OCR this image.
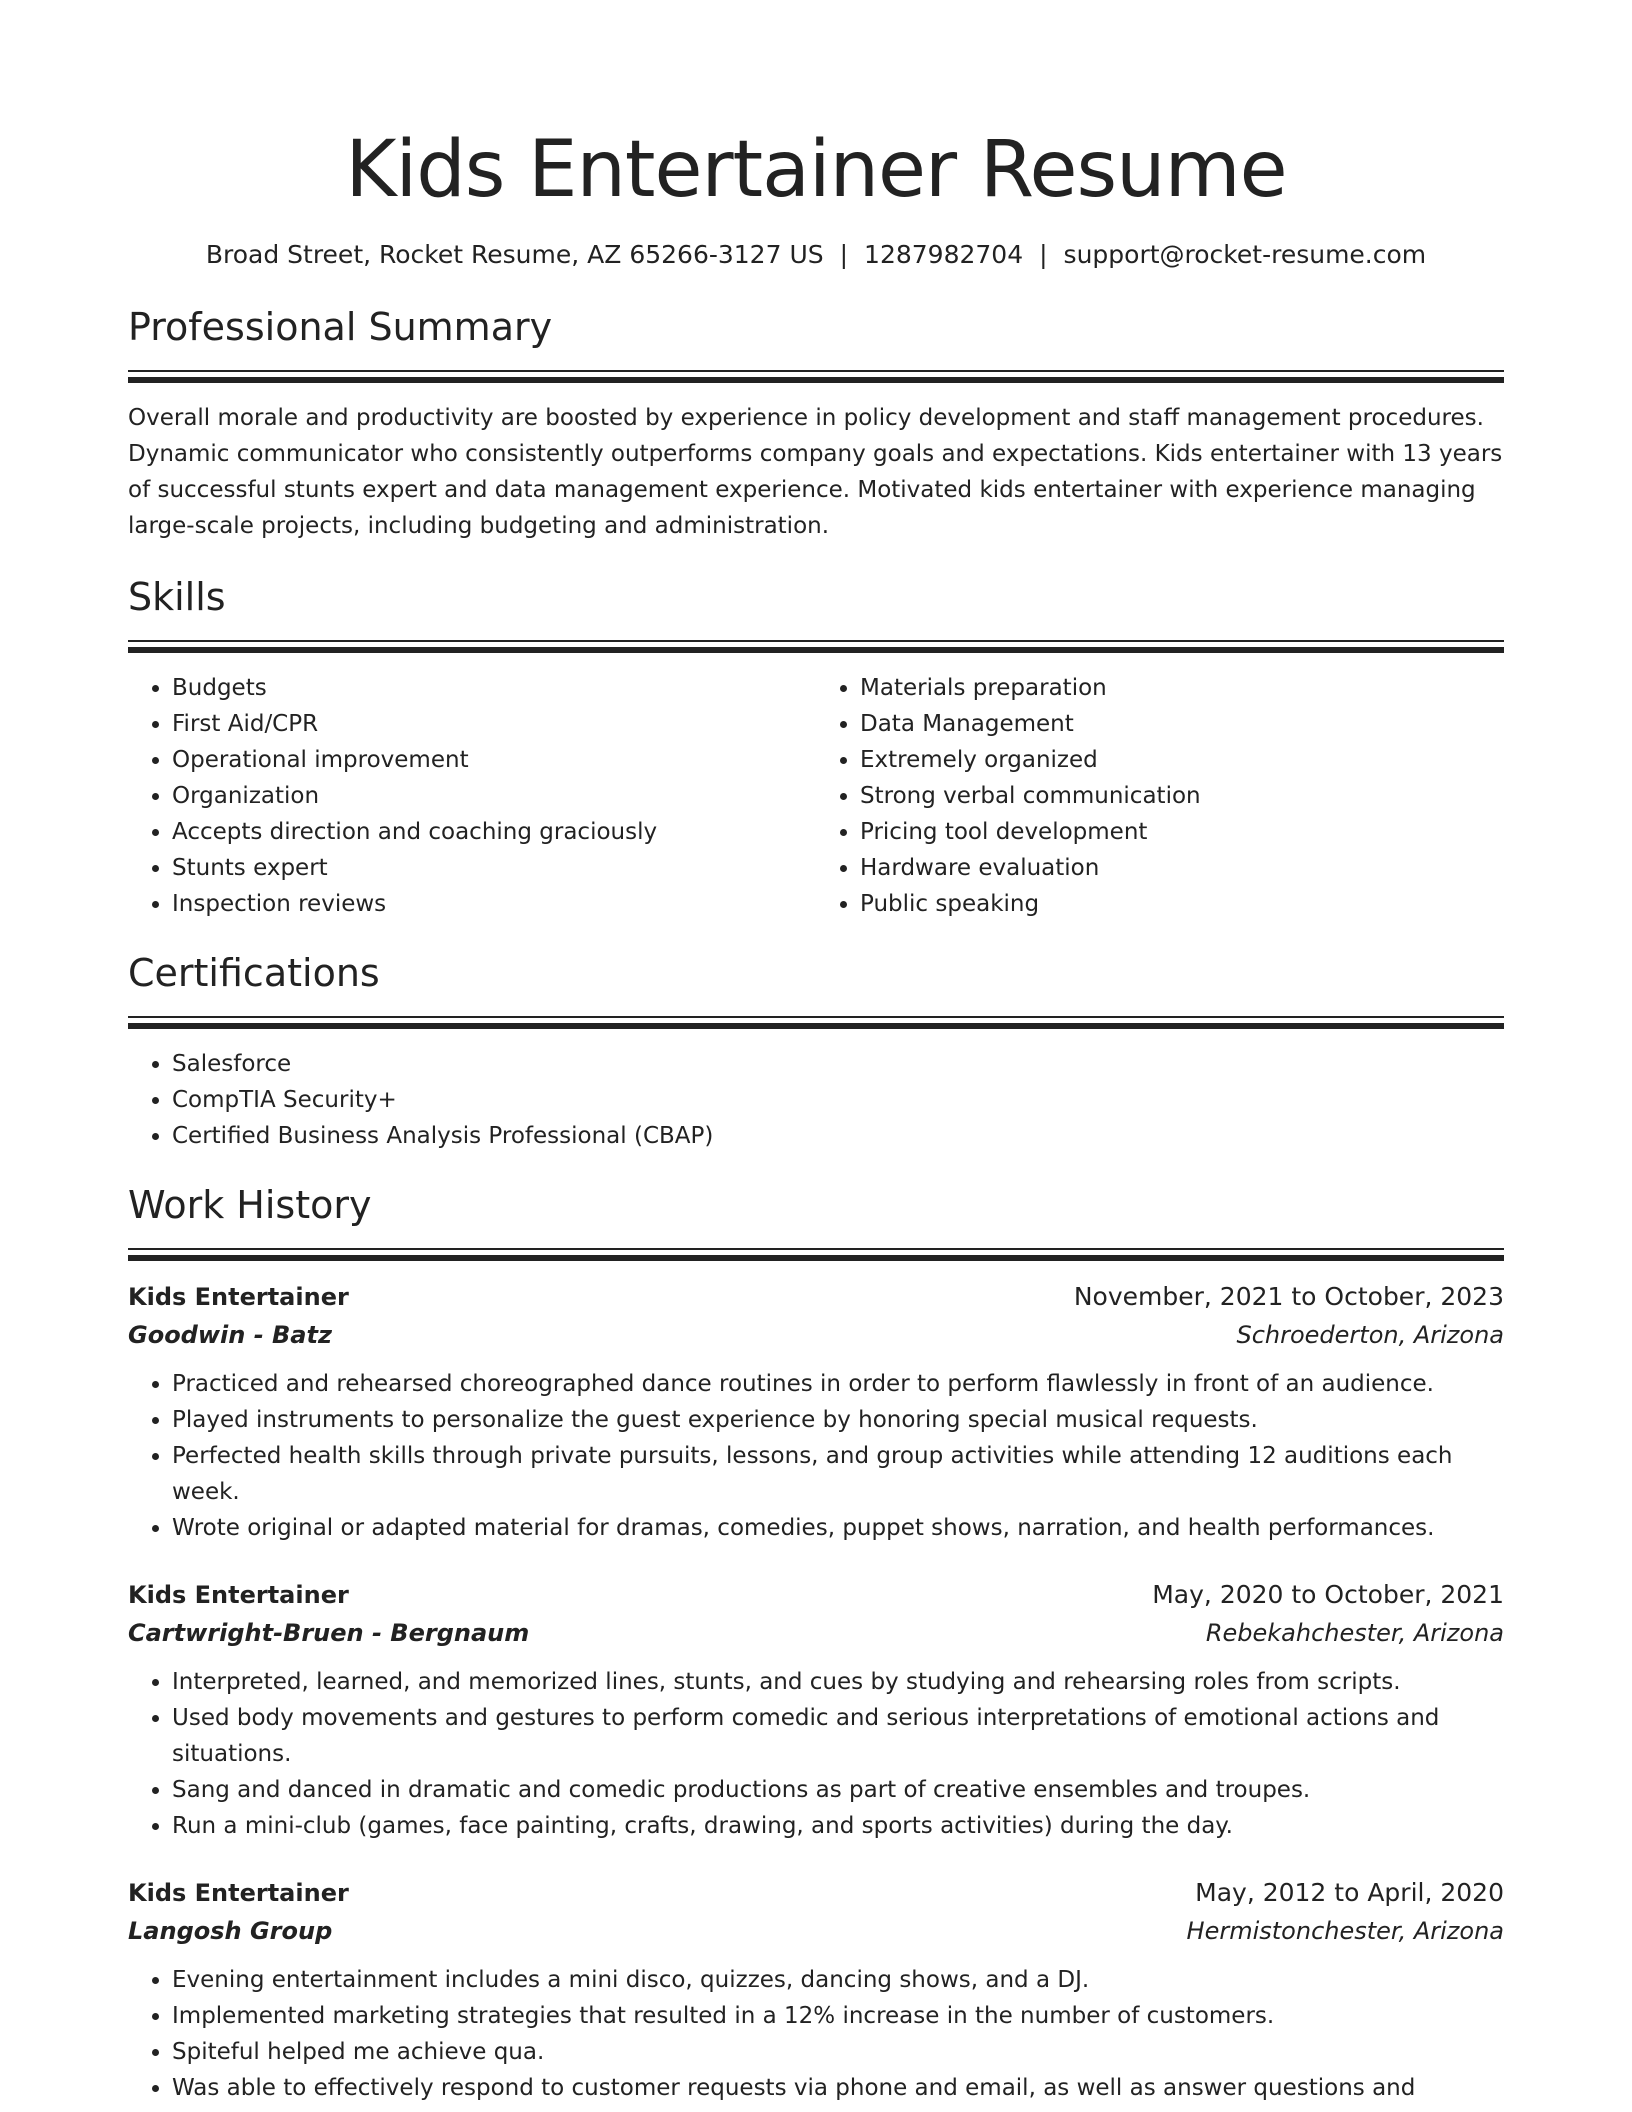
Kids Entertainer Resume
Broad Street, Rocket Resume, AZ 65266-3127 US | 1287982704 | support@rocket-resume.com
Professional Summary

Overall morale and productivity are boosted by experience in policy development and staff management procedures. Dynamic communicator who consistently outperforms company goals and expectations. Kids entertainer with 13 years of successful stunts expert and data management experience. Motivated kids entertainer with experience managing large-scale projects, including budgeting and administration.

Skills
• Budgets
• First Aid/CPR
• Operational improvement
• Organization
• Accepts direction and coaching graciously
• Stunts expert
• Inspection reviews
• Materials preparation
• Data Management
• Extremely organized
• Strong verbal communication
• Pricing tool development
• Hardware evaluation
• Public speaking
Certifications
• Salesforce
• CompTIA Security+
• Certified Business Analysis Professional (CBAP)
Work History
Kids Entertainer	November, 2021 to October, 2023
Goodwin - Batz	Schroederton, Arizona
• Practiced and rehearsed choreographed dance routines in order to perform flawlessly in front of an audience.
• Played instruments to personalize the guest experience by honoring special musical requests.
• Perfected health skills through private pursuits, lessons, and group activities while attending 12 auditions each week.
• Wrote original or adapted material for dramas, comedies, puppet shows, narration, and health performances.
Kids Entertainer	May, 2020 to October, 2021
Cartwright-Bruen - Bergnaum	Rebekahchester, Arizona
• Interpreted, learned, and memorized lines, stunts, and cues by studying and rehearsing roles from scripts.
• Used body movements and gestures to perform comedic and serious interpretations of emotional actions and situations.
• Sang and danced in dramatic and comedic productions as part of creative ensembles and troupes.
• Run a mini-club (games, face painting, crafts, drawing, and sports activities) during the day.
Kids Entertainer	May, 2012 to April, 2020
Langosh Group	Hermistonchester, Arizona
• Evening entertainment includes a mini disco, quizzes, dancing shows, and a DJ.
• Implemented marketing strategies that resulted in a 12% increase in the number of customers.
• Spiteful helped me achieve qua.
• Was able to effectively respond to customer requests via phone and email, as well as answer questions and
